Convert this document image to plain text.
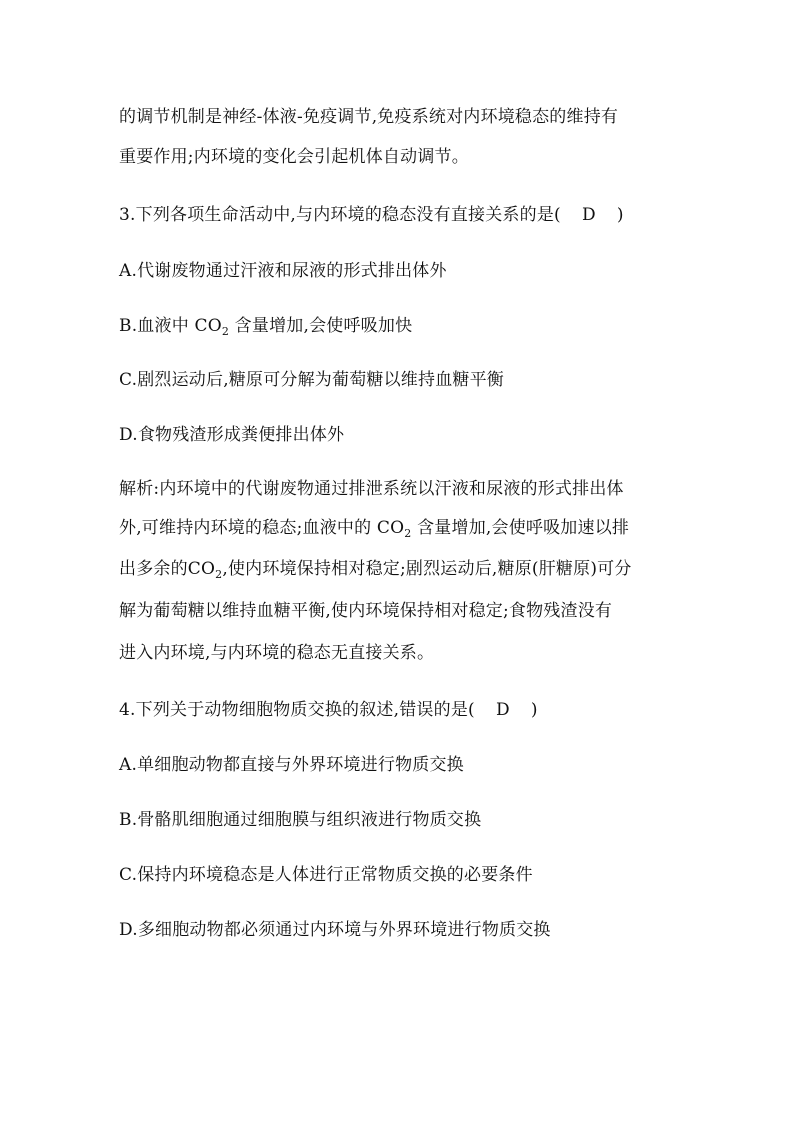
的调节机制是神经-体液-免疫调节,免疫系统对内环境稳态的维持有
重要作用;内环境的变化会引起机体自动调节。
3.下列各项生命活动中,与内环境的稳态没有直接关系的是( D )
A.代谢废物通过汗液和尿液的形式排出体外
B.血液中 $CO_2$ 含量增加,会使呼吸加快
C.剧烈运动后,糖原可分解为葡萄糖以维持血糖平衡
D.食物残渣形成粪便排出体外
解析:内环境中的代谢废物通过排泄系统以汗液和尿液的形式排出体
外,可维持内环境的稳态;血液中的 $CO_2$ 含量增加,会使呼吸加速以排
出多余的$CO_2$,使内环境保持相对稳定;剧烈运动后,糖原(肝糖原)可分
解为葡萄糖以维持血糖平衡,使内环境保持相对稳定;食物残渣没有
进入内环境,与内环境的稳态无直接关系。
4.下列关于动物细胞物质交换的叙述,错误的是( D )
A.单细胞动物都直接与外界环境进行物质交换
B.骨骼肌细胞通过细胞膜与组织液进行物质交换
C.保持内环境稳态是人体进行正常物质交换的必要条件
D.多细胞动物都必须通过内环境与外界环境进行物质交换
